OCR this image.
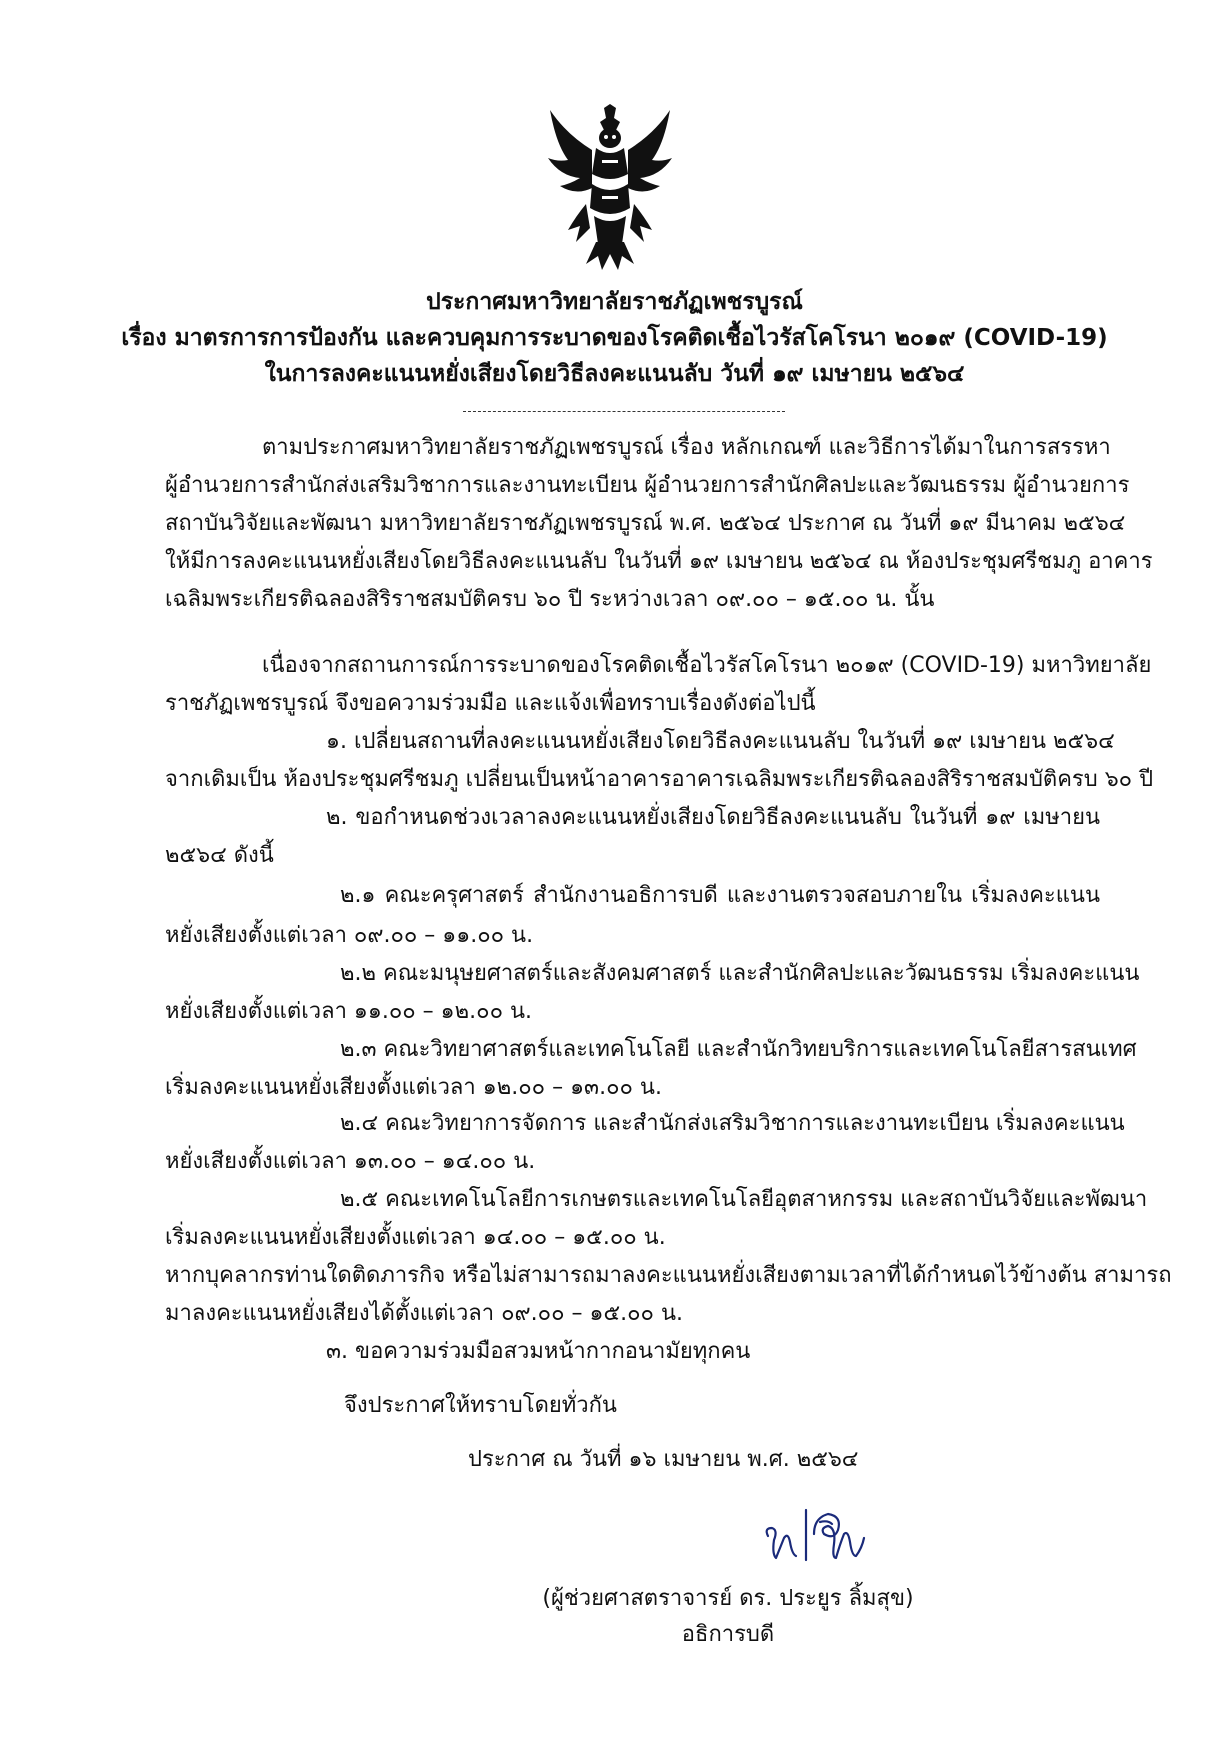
ประกาศมหาวิทยาลัยราชภัฏเพชรบูรณ์
เรื่อง มาตรการการป้องกัน และควบคุมการระบาดของโรคติดเชื้อไวรัสโคโรนา ๒๐๑๙ (COVID-19)
ในการลงคะแนนหยั่งเสียงโดยวิธีลงคะแนนลับ วันที่ ๑๙ เมษายน ๒๕๖๔
ตามประกาศมหาวิทยาลัยราชภัฏเพชรบูรณ์ เรื่อง หลักเกณฑ์ และวิธีการได้มาในการสรรหา
ผู้อำนวยการสำนักส่งเสริมวิชาการและงานทะเบียน ผู้อำนวยการสำนักศิลปะและวัฒนธรรม ผู้อำนวยการ
สถาบันวิจัยและพัฒนา มหาวิทยาลัยราชภัฏเพชรบูรณ์ พ.ศ. ๒๕๖๔ ประกาศ ณ วันที่ ๑๙ มีนาคม ๒๕๖๔
ให้มีการลงคะแนนหยั่งเสียงโดยวิธีลงคะแนนลับ ในวันที่ ๑๙ เมษายน ๒๕๖๔ ณ ห้องประชุมศรีชมภู อาคาร
เฉลิมพระเกียรติฉลองสิริราชสมบัติครบ ๖๐ ปี ระหว่างเวลา ๐๙.๐๐ – ๑๕.๐๐ น. นั้น
เนื่องจากสถานการณ์การระบาดของโรคติดเชื้อไวรัสโคโรนา ๒๐๑๙ (COVID-19) มหาวิทยาลัย
ราชภัฏเพชรบูรณ์ จึงขอความร่วมมือ และแจ้งเพื่อทราบเรื่องดังต่อไปนี้
๑. เปลี่ยนสถานที่ลงคะแนนหยั่งเสียงโดยวิธีลงคะแนนลับ ในวันที่ ๑๙ เมษายน ๒๕๖๔
จากเดิมเป็น ห้องประชุมศรีชมภู เปลี่ยนเป็นหน้าอาคารอาคารเฉลิมพระเกียรติฉลองสิริราชสมบัติครบ ๖๐ ปี
๒. ขอกำหนดช่วงเวลาลงคะแนนหยั่งเสียงโดยวิธีลงคะแนนลับ ในวันที่ ๑๙ เมษายน
๒๕๖๔ ดังนี้
๒.๑ คณะครุศาสตร์ สำนักงานอธิการบดี และงานตรวจสอบภายใน เริ่มลงคะแนน
หยั่งเสียงตั้งแต่เวลา ๐๙.๐๐ – ๑๑.๐๐ น.
๒.๒ คณะมนุษยศาสตร์และสังคมศาสตร์ และสำนักศิลปะและวัฒนธรรม เริ่มลงคะแนน
หยั่งเสียงตั้งแต่เวลา ๑๑.๐๐ – ๑๒.๐๐ น.
๒.๓ คณะวิทยาศาสตร์และเทคโนโลยี และสำนักวิทยบริการและเทคโนโลยีสารสนเทศ
เริ่มลงคะแนนหยั่งเสียงตั้งแต่เวลา ๑๒.๐๐ – ๑๓.๐๐ น.
๒.๔ คณะวิทยาการจัดการ และสำนักส่งเสริมวิชาการและงานทะเบียน เริ่มลงคะแนน
หยั่งเสียงตั้งแต่เวลา ๑๓.๐๐ – ๑๔.๐๐ น.
๒.๕ คณะเทคโนโลยีการเกษตรและเทคโนโลยีอุตสาหกรรม และสถาบันวิจัยและพัฒนา
เริ่มลงคะแนนหยั่งเสียงตั้งแต่เวลา ๑๔.๐๐ – ๑๕.๐๐ น.
หากบุคลากรท่านใดติดภารกิจ หรือไม่สามารถมาลงคะแนนหยั่งเสียงตามเวลาที่ได้กำหนดไว้ข้างต้น สามารถ
มาลงคะแนนหยั่งเสียงได้ตั้งแต่เวลา ๐๙.๐๐ – ๑๕.๐๐ น.
๓. ขอความร่วมมือสวมหน้ากากอนามัยทุกคน
จึงประกาศให้ทราบโดยทั่วกัน
ประกาศ ณ วันที่ ๑๖ เมษายน พ.ศ. ๒๕๖๔
(ผู้ช่วยศาสตราจารย์ ดร. ประยูร ลิ้มสุข)
อธิการบดี
